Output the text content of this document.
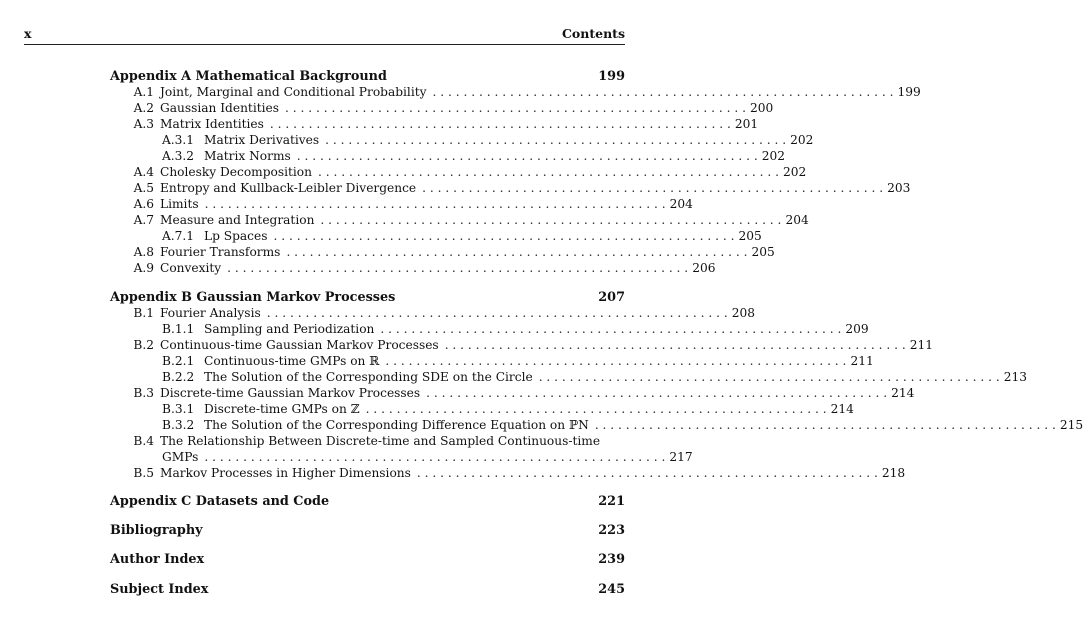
x	Contents
Appendix A Mathematical Background	199
A.1 Joint, Marginal and Conditional Probability . . . . . . . . . . . . . . . . . . . . . . . . . . . . . . . . . . . . . . . . . . . . . . . . . . . . . . . . . . . . 199
A.2 Gaussian Identities . . . . . . . . . . . . . . . . . . . . . . . . . . . . . . . . . . . . . . . . . . . . . . . . . . . . . . . . . . . . 200
A.3 Matrix Identities . . . . . . . . . . . . . . . . . . . . . . . . . . . . . . . . . . . . . . . . . . . . . . . . . . . . . . . . . . . . 201
A.3.1 Matrix Derivatives . . . . . . . . . . . . . . . . . . . . . . . . . . . . . . . . . . . . . . . . . . . . . . . . . . . . . . . . . . . . 202
A.3.2 Matrix Norms . . . . . . . . . . . . . . . . . . . . . . . . . . . . . . . . . . . . . . . . . . . . . . . . . . . . . . . . . . . . 202
A.4 Cholesky Decomposition . . . . . . . . . . . . . . . . . . . . . . . . . . . . . . . . . . . . . . . . . . . . . . . . . . . . . . . . . . . . 202
A.5 Entropy and Kullback-Leibler Divergence . . . . . . . . . . . . . . . . . . . . . . . . . . . . . . . . . . . . . . . . . . . . . . . . . . . . . . . . . . . . 203
A.6 Limits . . . . . . . . . . . . . . . . . . . . . . . . . . . . . . . . . . . . . . . . . . . . . . . . . . . . . . . . . . . . 204
A.7 Measure and Integration . . . . . . . . . . . . . . . . . . . . . . . . . . . . . . . . . . . . . . . . . . . . . . . . . . . . . . . . . . . . 204
A.7.1 Lp Spaces . . . . . . . . . . . . . . . . . . . . . . . . . . . . . . . . . . . . . . . . . . . . . . . . . . . . . . . . . . . . 205
A.8 Fourier Transforms . . . . . . . . . . . . . . . . . . . . . . . . . . . . . . . . . . . . . . . . . . . . . . . . . . . . . . . . . . . . 205
A.9 Convexity . . . . . . . . . . . . . . . . . . . . . . . . . . . . . . . . . . . . . . . . . . . . . . . . . . . . . . . . . . . . 206
Appendix B Gaussian Markov Processes	207
B.1 Fourier Analysis . . . . . . . . . . . . . . . . . . . . . . . . . . . . . . . . . . . . . . . . . . . . . . . . . . . . . . . . . . . . 208
B.1.1 Sampling and Periodization . . . . . . . . . . . . . . . . . . . . . . . . . . . . . . . . . . . . . . . . . . . . . . . . . . . . . . . . . . . . 209
B.2 Continuous-time Gaussian Markov Processes . . . . . . . . . . . . . . . . . . . . . . . . . . . . . . . . . . . . . . . . . . . . . . . . . . . . . . . . . . . . 211
B.2.1 Continuous-time GMPs on ℝ . . . . . . . . . . . . . . . . . . . . . . . . . . . . . . . . . . . . . . . . . . . . . . . . . . . . . . . . . . . . 211
B.2.2 The Solution of the Corresponding SDE on the Circle . . . . . . . . . . . . . . . . . . . . . . . . . . . . . . . . . . . . . . . . . . . . . . . . . . . . . . . . . . . . 213
B.3 Discrete-time Gaussian Markov Processes . . . . . . . . . . . . . . . . . . . . . . . . . . . . . . . . . . . . . . . . . . . . . . . . . . . . . . . . . . . . 214
B.3.1 Discrete-time GMPs on ℤ . . . . . . . . . . . . . . . . . . . . . . . . . . . . . . . . . . . . . . . . . . . . . . . . . . . . . . . . . . . . 214
B.3.2 The Solution of the Corresponding Difference Equation on ℙN . . . . . . . . . . . . . . . . . . . . . . . . . . . . . . . . . . . . . . . . . . . . . . . . . . . . . . . . . . . . 215
B.4 The Relationship Between Discrete-time and Sampled Continuous-time
GMPs . . . . . . . . . . . . . . . . . . . . . . . . . . . . . . . . . . . . . . . . . . . . . . . . . . . . . . . . . . . . 217
B.5 Markov Processes in Higher Dimensions . . . . . . . . . . . . . . . . . . . . . . . . . . . . . . . . . . . . . . . . . . . . . . . . . . . . . . . . . . . . 218
Appendix C Datasets and Code	221
Bibliography	223
Author Index	239
Subject Index	245
